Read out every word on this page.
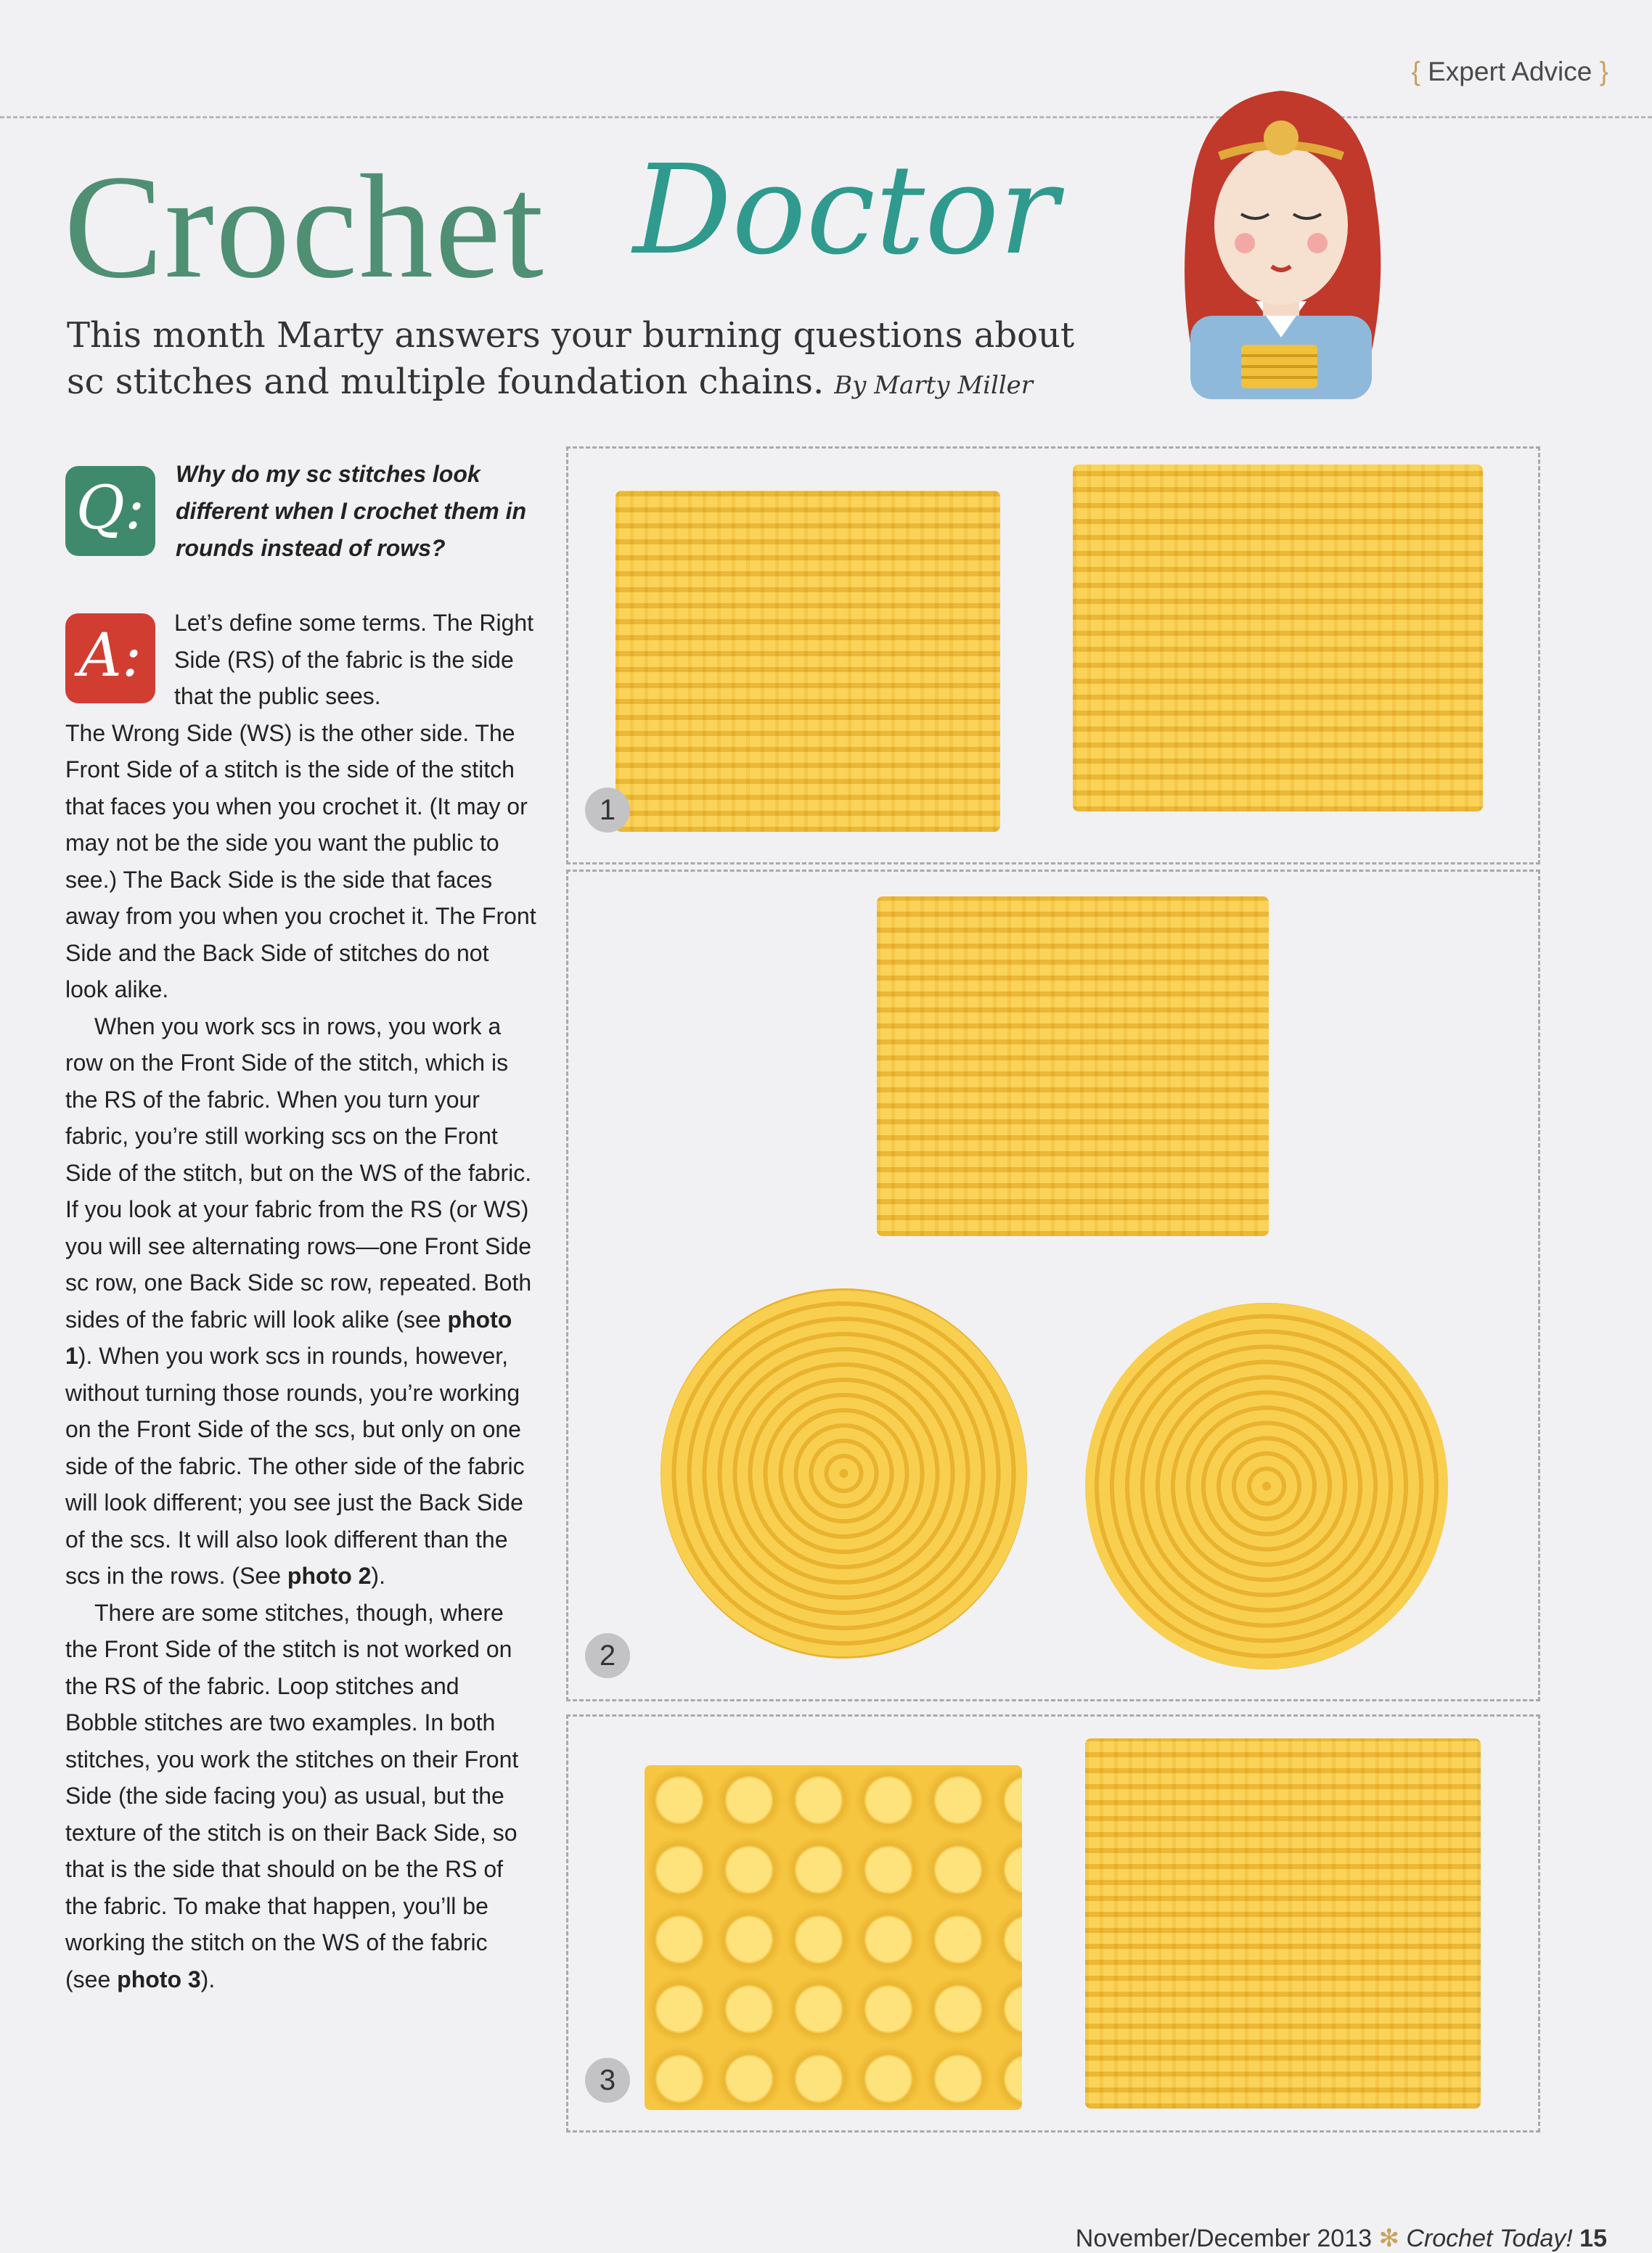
{ Expert Advice }
Crochet Doctor
This month Marty answers your burning questions about sc stitches and multiple foundation chains. By Marty Miller
Q:	Why do my sc stitches look different when I crochet them in rounds instead of rows?
A:	Let’s define some terms. The Right Side (RS) of the fabric is the side that the public sees.

The Wrong Side (WS) is the other side. The Front Side of a stitch is the side of the stitch that faces you when you crochet it. (It may or may not be the side you want the public to see.) The Back Side is the side that faces away from you when you crochet it. The Front Side and the Back Side of stitches do not look alike.

When you work scs in rows, you work a row on the Front Side of the stitch, which is the RS of the fabric. When you turn your fabric, you’re still working scs on the Front Side of the stitch, but on the WS of the fabric. If you look at your fabric from the RS (or WS) you will see alternating rows—one Front Side sc row, one Back Side sc row, repeated. Both sides of the fabric will look alike (see photo 1). When you work scs in rounds, however, without turning those rounds, you’re working on the Front Side of the scs, but only on one side of the fabric. The other side of the fabric will look different; you see just the Back Side of the scs. It will also look different than the scs in the rows. (See photo 2).

There are some stitches, though, where the Front Side of the stitch is not worked on the RS of the fabric. Loop stitches and Bobble stitches are two examples. In both stitches, you work the stitches on their Front Side (the side facing you) as usual, but the texture of the stitch is on their Back Side, so that is the side that should on be the RS of the fabric. To make that happen, you’ll be working the stitch on the WS of the fabric (see photo 3).

1
2
3
November/December 2013 ✻ Crochet Today! 15
